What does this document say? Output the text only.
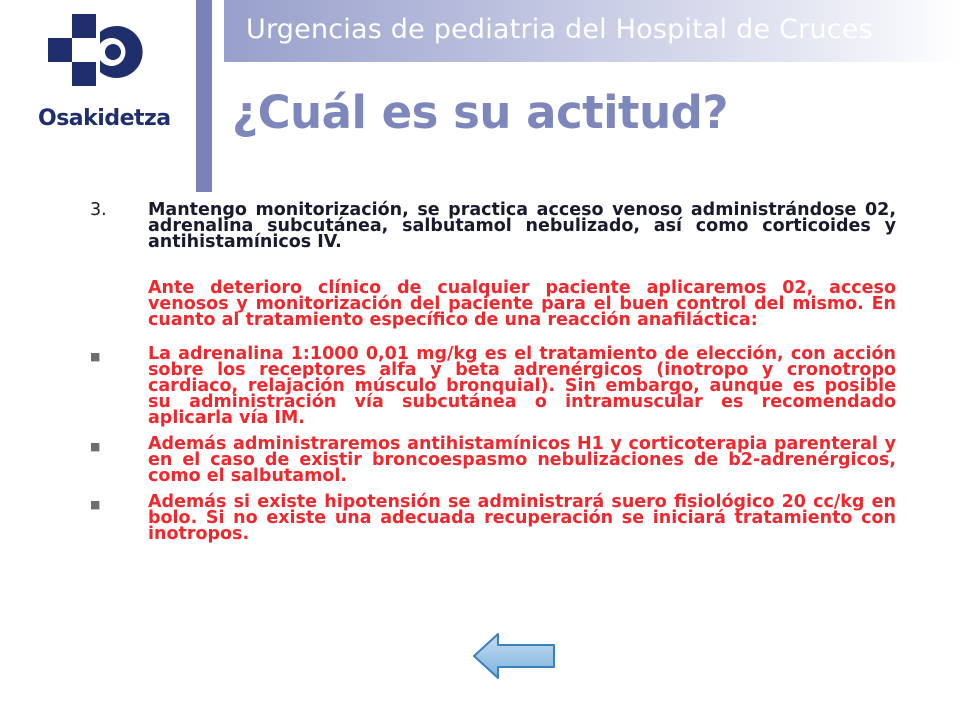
Osakidetza
Urgencias de pediatria del Hospital de Cruces
¿Cuál es su actitud?
3. Mantengo monitorización, se practica acceso venoso administrándose 02, adrenalina subcutánea, salbutamol nebulizado, así como corticoides y antihistamínicos IV.
Ante deterioro clínico de cualquier paciente aplicaremos 02, acceso venosos y monitorización del paciente para el buen control del mismo. En cuanto al tratamiento específico de una reacción anafiláctica:
■	La adrenalina 1:1000 0,01 mg/kg es el tratamiento de elección, con acción sobre los receptores alfa y beta adrenérgicos (inotropo y cronotropo cardiaco, relajación músculo bronquial). Sin embargo, aunque es posible su administración vía subcutánea o intramuscular es recomendado aplicarla vía IM.
■	Además administraremos antihistamínicos H1 y corticoterapia parenteral y en el caso de existir broncoespasmo nebulizaciones de b2-adrenérgicos, como el salbutamol.
■	Además si existe hipotensión se administrará suero fisiológico 20 cc/kg en bolo. Si no existe una adecuada recuperación se iniciará tratamiento con inotropos.
